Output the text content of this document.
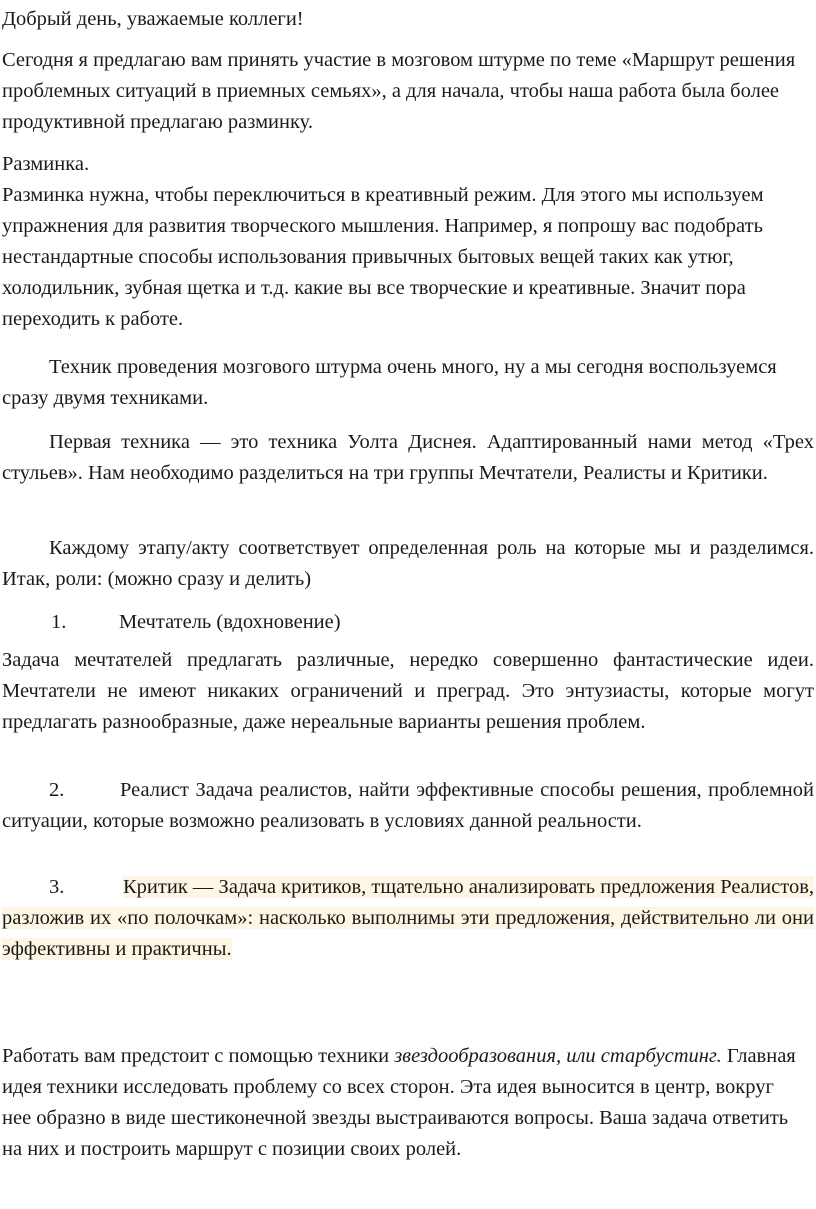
Добрый день, уважаемые коллеги!

Сегодня я предлагаю вам принять участие в мозговом штурме по теме «Маршрут решения проблемных ситуаций в приемных семьях», а для начала, чтобы наша работа была более продуктивной предлагаю разминку.

Разминка.

Разминка нужна, чтобы переключиться в креативный режим. Для этого мы используем упражнения для развития творческого мышления. Например, я попрошу вас подобрать нестандартные способы использования привычных бытовых вещей таких как утюг, холодильник, зубная щетка и т.д. какие вы все творческие и креативные. Значит пора переходить к работе.

Техник проведения мозгового штурма очень много, ну а мы сегодня воспользуемся сразу двумя техниками.

Первая техника — это техника Уолта Диснея. Адаптированный нами метод «Трех стульев». Нам необходимо разделиться на три группы Мечтатели, Реалисты и Критики.

Каждому этапу/акту соответствует определенная роль на которые мы и разделимся. Итак, роли: (можно сразу и делить)

1.	Мечтатель (вдохновение)

Задача мечтателей предлагать различные, нередко совершенно фантастические идеи. Мечтатели не имеют никаких ограничений и преград. Это энтузиасты, которые могут предлагать разнообразные, даже нереальные варианты решения проблем.

2.	Реалист Задача реалистов, найти эффективные способы решения, проблемной ситуации, которые возможно реализовать в условиях данной реальности.

3.	Критик — Задача критиков, тщательно анализировать предложения Реалистов, разложив их «по полочкам»: насколько выполнимы эти предложения, действительно ли они эффективны и практичны.

Работать вам предстоит с помощью техники звездообразования, или старбустинг. Главная идея техники исследовать проблему со всех сторон. Эта идея выносится в центр, вокруг нее образно в виде шестиконечной звезды выстраиваются вопросы. Ваша задача ответить на них и построить маршрут с позиции своих ролей.
